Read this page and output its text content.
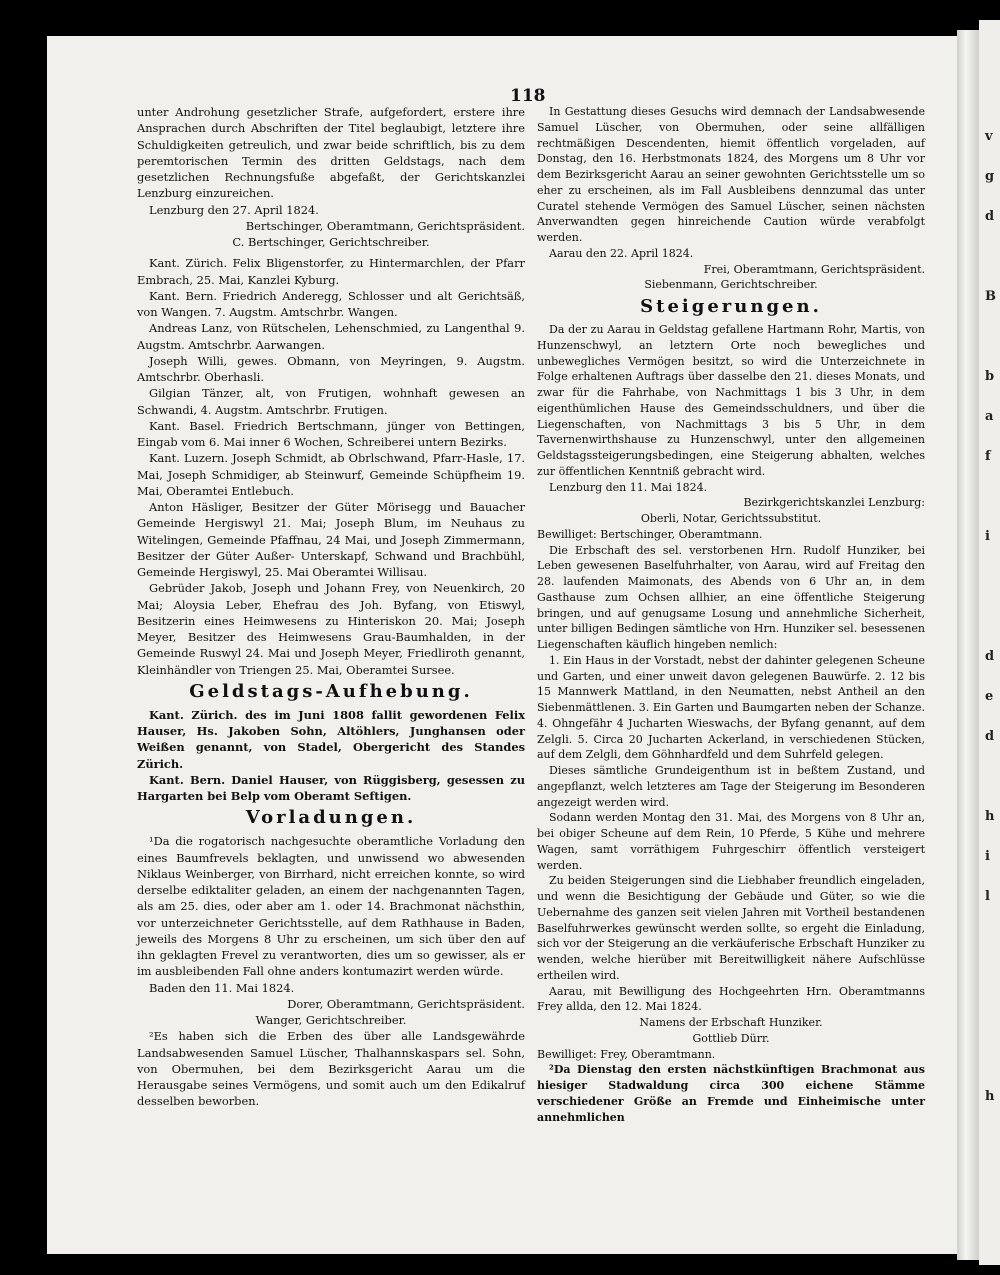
v
g
d
B
b
a
f
i
d
e
d
h
i
l
h
118

unter Androhung gesetzlicher Strafe, aufgefordert, erstere ihre Ansprachen durch Abschriften der Titel beglaubigt, letztere ihre Schuldigkeiten getreulich, und zwar beide schriftlich, bis zu dem peremtorischen Termin des dritten Geldstags, nach dem gesetzlichen Rechnungsfuße abgefaßt, der Gerichtskanzlei Lenzburg einzureichen.

Lenzburg den 27. April 1824.

Bertschinger, Oberamtmann, Gerichtspräsident.

C. Bertschinger, Gerichtschreiber.

Kant. Zürich. Felix Bligenstorfer, zu Hintermarchlen, der Pfarr Embrach, 25. Mai, Kanzlei Kyburg.

Kant. Bern. Friedrich Anderegg, Schlosser und alt Gerichtsäß, von Wangen. 7. Augstm. Amtschrbr. Wangen.

Andreas Lanz, von Rütschelen, Lehenschmied, zu Langenthal 9. Augstm. Amtschrbr. Aarwangen.

Joseph Willi, gewes. Obmann, von Meyringen, 9. Augstm. Amtschrbr. Oberhasli.

Gilgian Tänzer, alt, von Frutigen, wohnhaft gewesen an Schwandi, 4. Augstm. Amtschrbr. Frutigen.

Kant. Basel. Friedrich Bertschmann, jünger von Bettingen, Eingab vom 6. Mai inner 6 Wochen, Schreiberei untern Bezirks.

Kant. Luzern. Joseph Schmidt, ab Obrlschwand, Pfarr-Hasle, 17. Mai, Joseph Schmidiger, ab Steinwurf, Gemeinde Schüpfheim 19. Mai, Oberamtei Entlebuch.

Anton Häsliger, Besitzer der Güter Mörisegg und Bauacher Gemeinde Hergiswyl 21. Mai; Joseph Blum, im Neuhaus zu Witelingen, Gemeinde Pfaffnau, 24 Mai, und Joseph Zimmermann, Besitzer der Güter Außer- Unterskapf, Schwand und Brachbühl, Gemeinde Hergiswyl, 25. Mai Oberamtei Willisau.

Gebrüder Jakob, Joseph und Johann Frey, von Neuenkirch, 20 Mai; Aloysia Leber, Ehefrau des Joh. Byfang, von Etiswyl, Besitzerin eines Heimwesens zu Hinteriskon 20. Mai; Joseph Meyer, Besitzer des Heimwesens Grau-Baumhalden, in der Gemeinde Ruswyl 24. Mai und Joseph Meyer, Friedliroth genannt, Kleinhändler von Triengen 25. Mai, Oberamtei Sursee.

Geldstags-Aufhebung.

Kant. Zürich. des im Juni 1808 fallit gewordenen Felix Hauser, Hs. Jakoben Sohn, Altöhlers, Junghansen oder Weißen genannt, von Stadel, Obergericht des Standes Zürich.

Kant. Bern. Daniel Hauser, von Rüggisberg, gesessen zu Hargarten bei Belp vom Oberamt Seftigen.

Vorladungen.

¹Da die rogatorisch nachgesuchte oberamtliche Vorladung den eines Baumfrevels beklagten, und unwissend wo abwesenden Niklaus Weinberger, von Birrhard, nicht erreichen konnte, so wird derselbe ediktaliter geladen, an einem der nachgenannten Tagen, als am 25. dies, oder aber am 1. oder 14. Brachmonat nächsthin, vor unterzeichneter Gerichtsstelle, auf dem Rathhause in Baden, jeweils des Morgens 8 Uhr zu erscheinen, um sich über den auf ihn geklagten Frevel zu verantworten, dies um so gewisser, als er im ausbleibenden Fall ohne anders kontumazirt werden würde.

Baden den 11. Mai 1824.

Dorer, Oberamtmann, Gerichtspräsident.

Wanger, Gerichtschreiber.

²Es haben sich die Erben des über alle Landsgewährde Landsabwesenden Samuel Lüscher, Thalhannskaspars sel. Sohn, von Obermuhen, bei dem Bezirksgericht Aarau um die Herausgabe seines Vermögens, und somit auch um den Edikalruf desselben beworben.

In Gestattung dieses Gesuchs wird demnach der Landsabwesende Samuel Lüscher, von Obermuhen, oder seine allfälligen rechtmäßigen Descendenten, hiemit öffentlich vorgeladen, auf Donstag, den 16. Herbstmonats 1824, des Morgens um 8 Uhr vor dem Bezirksgericht Aarau an seiner gewohnten Gerichtsstelle um so eher zu erscheinen, als im Fall Ausbleibens dennzumal das unter Curatel stehende Vermögen des Samuel Lüscher, seinen nächsten Anverwandten gegen hinreichende Caution würde verabfolgt werden.

Aarau den 22. April 1824.

Frei, Oberamtmann, Gerichtspräsident.

Siebenmann, Gerichtschreiber.

Steigerungen.

Da der zu Aarau in Geldstag gefallene Hartmann Rohr, Martis, von Hunzenschwyl, an letztern Orte noch bewegliches und unbewegliches Vermögen besitzt, so wird die Unterzeichnete in Folge erhaltenen Auftrags über dasselbe den 21. dieses Monats, und zwar für die Fahrhabe, von Nachmittags 1 bis 3 Uhr, in dem eigenthümlichen Hause des Gemeindsschuldners, und über die Liegenschaften, von Nachmittags 3 bis 5 Uhr, in dem Tavernenwirthshause zu Hunzenschwyl, unter den allgemeinen Geldstagssteigerungsbedingen, eine Steigerung abhalten, welches zur öffentlichen Kenntniß gebracht wird.

Lenzburg den 11. Mai 1824.

Bezirkgerichtskanzlei Lenzburg:

Oberli, Notar, Gerichtssubstitut.

Bewilliget: Bertschinger, Oberamtmann.

Die Erbschaft des sel. verstorbenen Hrn. Rudolf Hunziker, bei Leben gewesenen Baselfuhrhalter, von Aarau, wird auf Freitag den 28. laufenden Maimonats, des Abends von 6 Uhr an, in dem Gasthause zum Ochsen allhier, an eine öffentliche Steigerung bringen, und auf genugsame Losung und annehmliche Sicherheit, unter billigen Bedingen sämtliche von Hrn. Hunziker sel. besessenen Liegenschaften käuflich hingeben nemlich:

1. Ein Haus in der Vorstadt, nebst der dahinter gelegenen Scheune und Garten, und einer unweit davon gelegenen Bauwürfe. 2. 12 bis 15 Mannwerk Mattland, in den Neumatten, nebst Antheil an den Siebenmättlenen. 3. Ein Garten und Baumgarten neben der Schanze. 4. Ohngefähr 4 Jucharten Wieswachs, der Byfang genannt, auf dem Zelgli. 5. Circa 20 Jucharten Ackerland, in verschiedenen Stücken, auf dem Zelgli, dem Göhnhardfeld und dem Suhrfeld gelegen.

Dieses sämtliche Grundeigenthum ist in beßtem Zustand, und angepflanzt, welch letzteres am Tage der Steigerung im Besonderen angezeigt werden wird.

Sodann werden Montag den 31. Mai, des Morgens von 8 Uhr an, bei obiger Scheune auf dem Rein, 10 Pferde, 5 Kühe und mehrere Wagen, samt vorräthigem Fuhrgeschirr öffentlich versteigert werden.

Zu beiden Steigerungen sind die Liebhaber freundlich eingeladen, und wenn die Besichtigung der Gebäude und Güter, so wie die Uebernahme des ganzen seit vielen Jahren mit Vortheil bestandenen Baselfuhrwerkes gewünscht werden sollte, so ergeht die Einladung, sich vor der Steigerung an die verkäuferische Erbschaft Hunziker zu wenden, welche hierüber mit Bereitwilligkeit nähere Aufschlüsse ertheilen wird.

Aarau, mit Bewilligung des Hochgeehrten Hrn. Oberamtmanns Frey allda, den 12. Mai 1824.

Namens der Erbschaft Hunziker.

Gottlieb Dürr.

Bewilliget: Frey, Oberamtmann.

²Da Dienstag den ersten nächstkünftigen Brachmonat aus hiesiger Stadwaldung circa 300 eichene Stämme verschiedener Größe an Fremde und Einheimische unter annehmlichen
